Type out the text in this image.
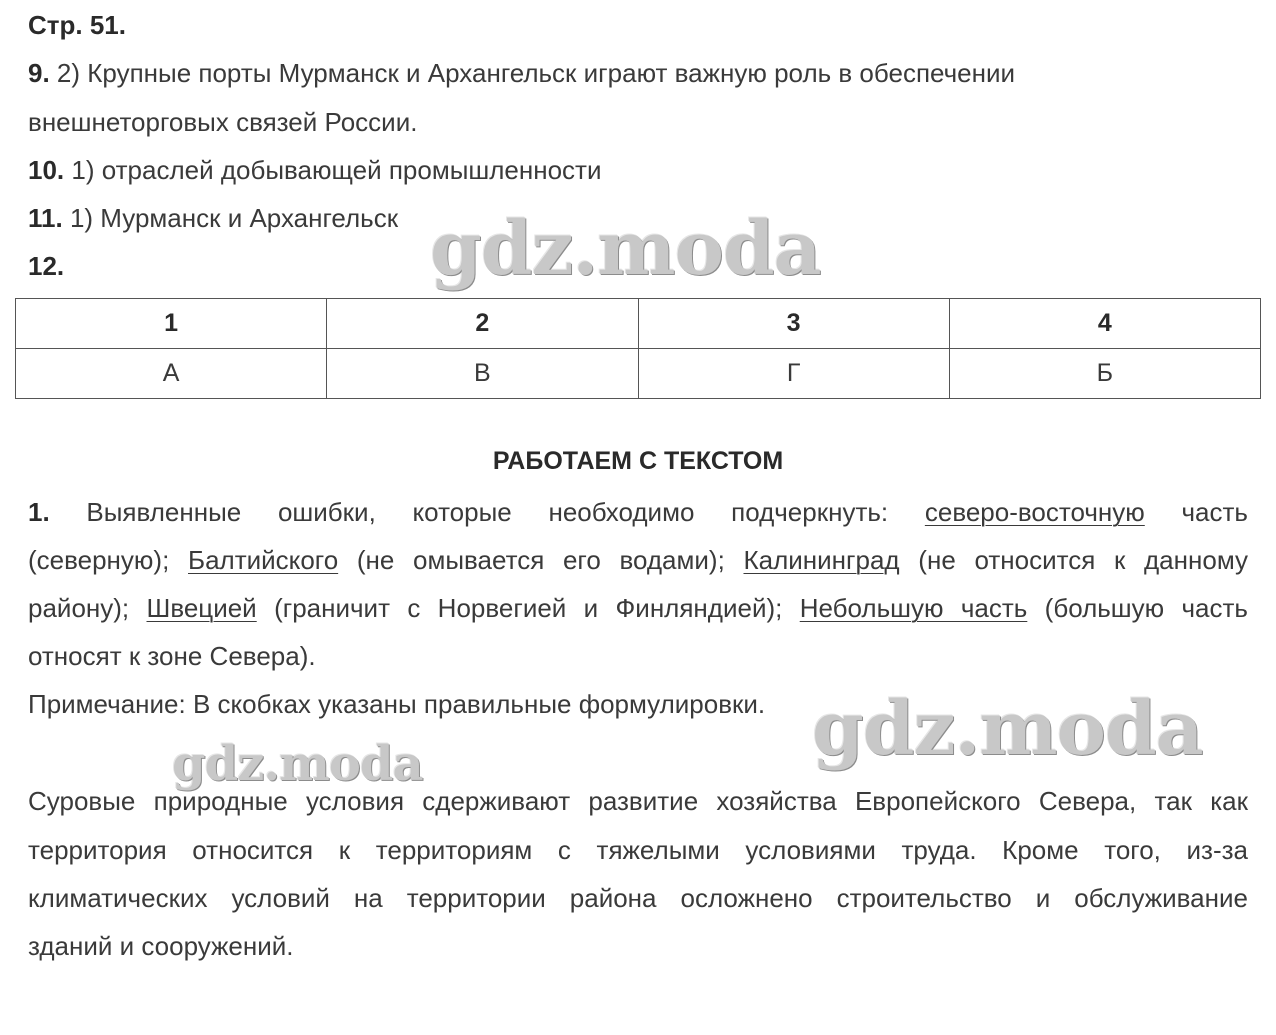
Стр. 51.
9. 2) Крупные порты Мурманск и Архангельск играют важную роль в обеспечении
внешнеторговых связей России.
10. 1) отраслей добывающей промышленности
11. 1) Мурманск и Архангельск
12.
1	2	3	4
А	В	Г	Б
РАБОТАЕМ С ТЕКСТОМ
1. Выявленные ошибки, которые необходимо подчеркнуть: северо-восточную часть
(северную); Балтийского (не омывается его водами); Калининград (не относится к данному
району); Швецией (граничит с Норвегией и Финляндией); Небольшую часть (большую часть
относят к зоне Севера).
Примечание: В скобках указаны правильные формулировки.
Суровые природные условия сдерживают развитие хозяйства Европейского Севера, так как
территория относится к территориям с тяжелыми условиями труда. Кроме того, из-за
климатических условий на территории района осложнено строительство и обслуживание
зданий и сооружений.
gdz.moda
gdz.moda
gdz.moda
